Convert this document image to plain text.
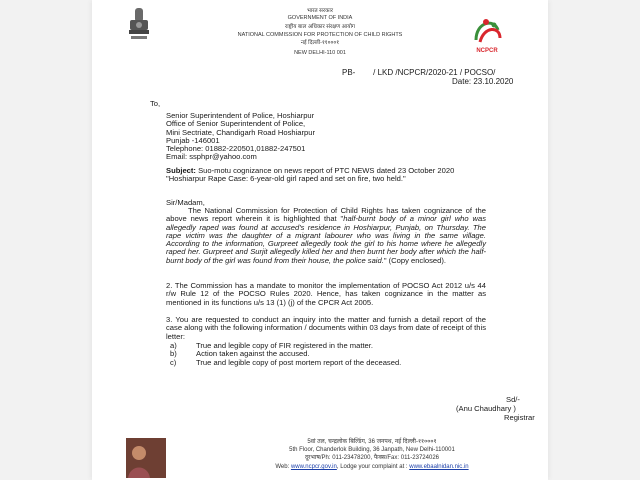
भारत सरकार
GOVERNMENT OF INDIA
राष्ट्रीय बाल अधिकार संरक्षण आयोग
NATIONAL COMMISSION FOR PROTECTION OF CHILD RIGHTS
नई दिल्ली-११०००१
NEW DELHI-110 001	NCPCR
PB-        / LKD /NCPCR/2020-21 / POCSO/
Date: 23.10.2020
To,
Senior Superintendent of Police, Hoshiarpur
Office of Senior Superintendent of Police,
Mini Sectriate, Chandigarh Road Hoshiarpur
Punjab -146001
Telephone: 01882-220501,01882-247501
Email: ssphpr@yahoo.com
Subject: Suo-motu cognizance on news report of PTC NEWS dated 23 October 2020
"Hoshiarpur Rape Case: 6-year-old girl raped and set on fire, two held."
Sir/Madam,
The National Commission for Protection of Child Rights has taken cognizance of the above news report wherein it is highlighted that "half-burnt body of a minor girl who was allegedly raped was found at accused's residence in Hoshiarpur, Punjab, on Thursday. The rape victim was the daughter of a migrant labourer who was living in the same village. According to the information, Gurpreet allegedly took the girl to his home where he allegedly raped her. Gurpreet and Surjit allegedly killed her and then burnt her body after which the half-burnt body of the girl was found from their house, the police said." (Copy enclosed).
2. The Commission has a mandate to monitor the implementation of POCSO Act 2012 u/s 44 r/w Rule 12 of the POCSO Rules 2020. Hence, has taken cognizance in the matter as mentioned in its functions u/s 13 (1) (j) of the CPCR Act 2005.
3. You are requested to conduct an inquiry into the matter and furnish a detail report of the case along with the following information / documents within 03 days from date of receipt of this letter:
a)	True and legible copy of FIR registered in the matter.
b)	Action taken against the accused.
c)	True and legible copy of post mortem report of the deceased.
Sd/-
(Anu Chaudhary )
Registrar
5वां तल, चन्द्रलोक बिल्डिंग, 36 जनपथ, नई दिल्ली-११०००१
5th Floor, Chanderlok Building, 36 Janpath, New Delhi-110001
दूरभाष/Ph: 011-23478200, फैक्स/Fax: 011-23724026
Web: www.ncpcr.gov.in, Lodge your complaint at : www.ebaalnidan.nic.in
